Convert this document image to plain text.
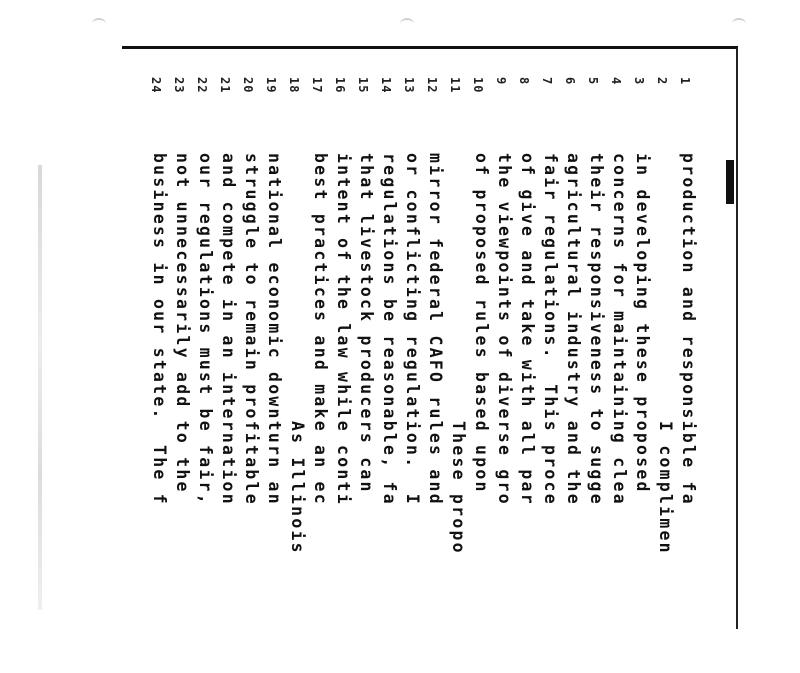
1
2
3
4
5
6
7
8
9
10
11
12
13
14
15
16
17
18
19
20
21
22
23
24
production and responsible fa
I complimen
in developing these proposed
concerns for maintaining clea
their responsiveness to sugge
agricultural industry and the
fair regulations.  This proce
of give and take with all par
the viewpoints of diverse gro
of proposed rules based upon
These propo
mirror federal CAFO rules and
or conflicting regulation.  I
regulations be reasonable, fa
that livestock producers can
intent of the law while conti
best practices and make an ec
As Illinois
national economic downturn an
struggle to remain profitable
and compete in an internation
our regulations must be fair,
not unnecessarily add to the
business in our state.  The f
